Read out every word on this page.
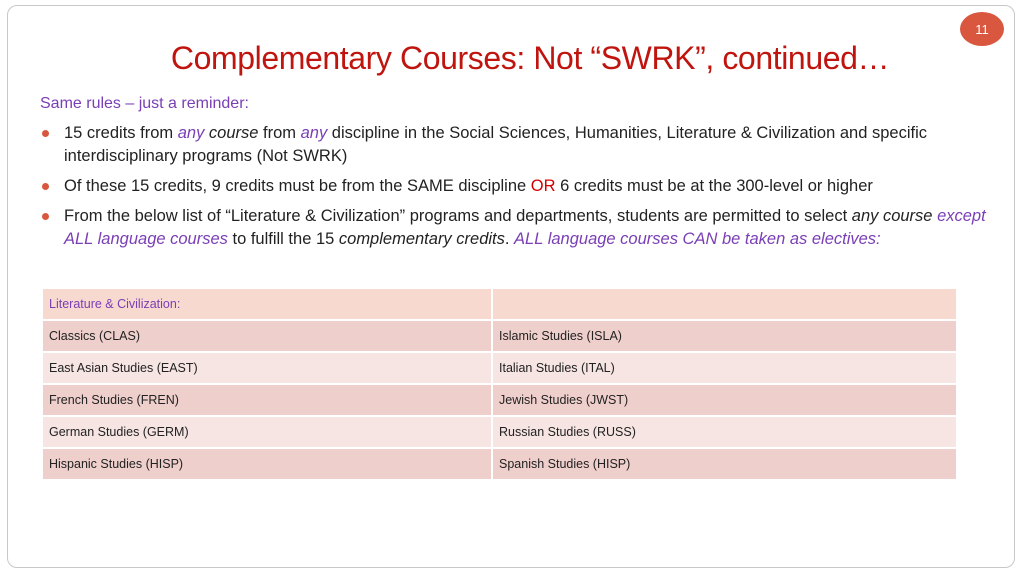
11
Complementary Courses: Not “SWRK”, continued…
Same rules – just a reminder:
15 credits from any course from any discipline in the Social Sciences, Humanities, Literature & Civilization and specific interdisciplinary programs (Not SWRK)
Of these 15 credits, 9 credits must be from the SAME discipline OR 6 credits must be at the 300-level or higher
From the below list of “Literature & Civilization” programs and departments, students are permitted to select any course except ALL language courses to fulfill the 15 complementary credits. ALL language courses CAN be taken as electives:
Literature & Civilization:	
Classics (CLAS)	Islamic Studies (ISLA)
East Asian Studies (EAST)	Italian Studies (ITAL)
French Studies (FREN)	Jewish Studies (JWST)
German Studies (GERM)	Russian Studies (RUSS)
Hispanic Studies (HISP)	Spanish Studies (HISP)
